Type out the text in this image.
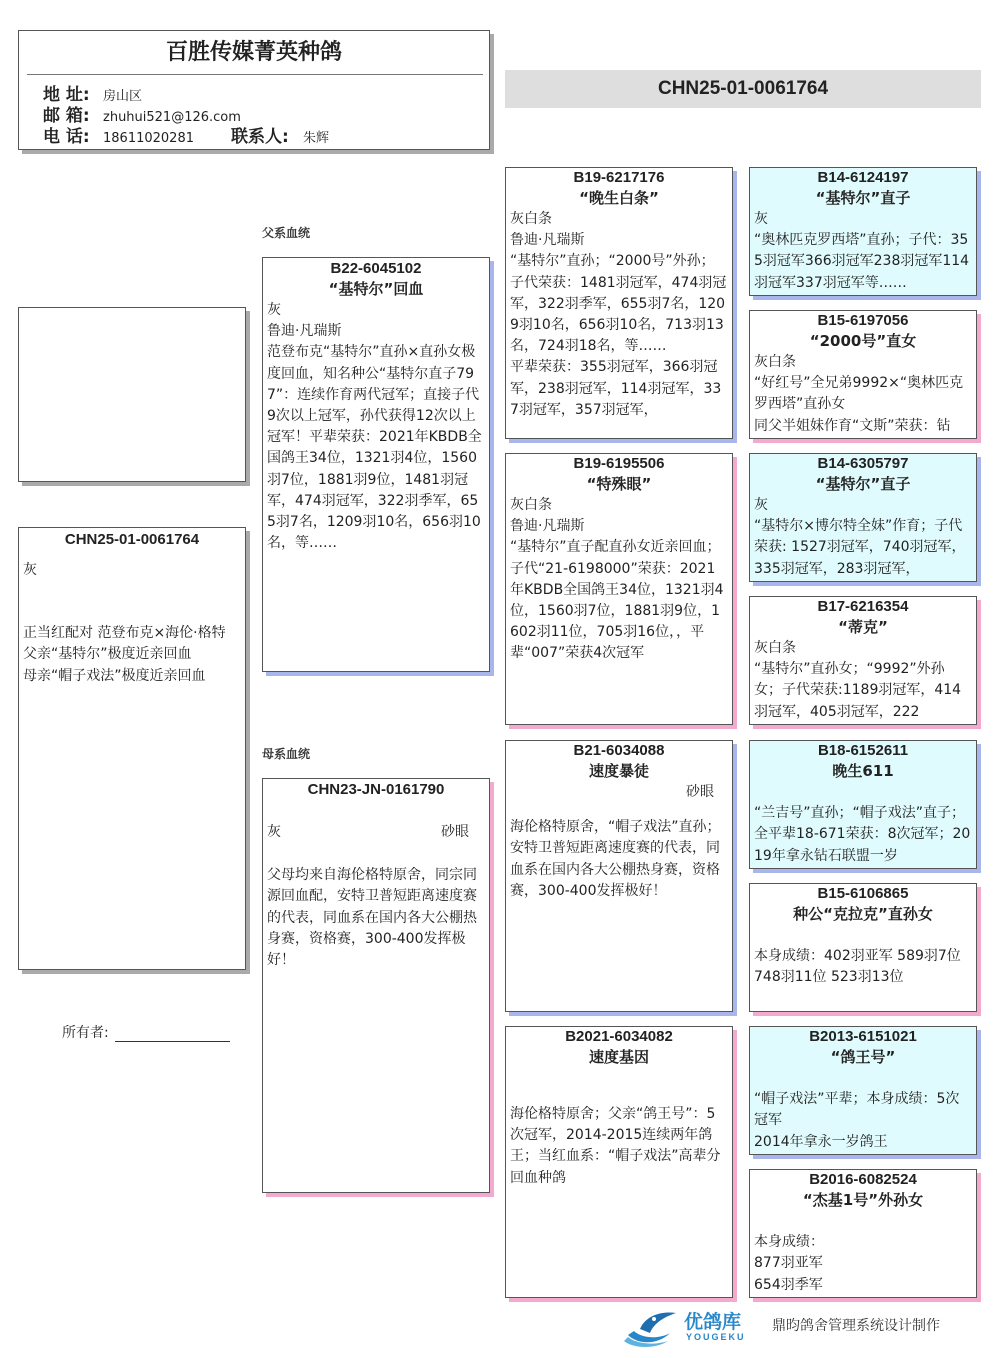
百胜传媒菁英种鸽
地 址: 房山区
邮 箱: zhuhui521@126.com
电 话: 18611020281 联系人: 朱辉
CHN25-01-0061764
父系血统
母系血统
CHN25-01-0061764
灰
正当红配对 范登布克×海伦·格特
父亲“基特尔”极度近亲回血
母亲“帽子戏法”极度近亲回血
所有者:
B22-6045102
“基特尔”回血
灰
鲁迪·凡瑞斯
范登布克“基特尔”直孙×直孙女极度回血，知名种公“基特尔直子797”：连续作育两代冠军；直接子代9次以上冠军，孙代获得12次以上冠军！平辈荣获：2021年KBDB全国鸽王34位，1321羽4位，1560羽7位，1881羽9位，1481羽冠军，474羽冠军，322羽季军，655羽7名，1209羽10名，656羽10名，等……
CHN23-JN-0161790
灰	砂眼
父母均来自海伦格特原舍，同宗同源回血配，安特卫普短距离速度赛的代表，同血系在国内各大公棚热身赛，资格赛，300-400发挥极好！
B19-6217176
“晚生白条”
灰白条
鲁迪·凡瑞斯
“基特尔”直孙；“2000号”外孙；子代荣获：1481羽冠军，474羽冠军，322羽季军，655羽7名，1209羽10名，656羽10名，713羽13名，724羽18名，等……
平辈荣获：355羽冠军，366羽冠军，238羽冠军，114羽冠军，337羽冠军，357羽冠军，
B19-6195506
“特殊眼”
灰白条
鲁迪·凡瑞斯
“基特尔”直子配直孙女近亲回血；子代“21-6198000”荣获：2021年KBDB全国鸽王34位，1321羽4位，1560羽7位，1881羽9位，1602羽11位，705羽16位，，平辈“007”荣获4次冠军
B21-6034088
速度暴徒
砂眼
海伦格特原舍，“帽子戏法”直孙；安特卫普短距离速度赛的代表，同血系在国内各大公棚热身赛，资格赛，300-400发挥极好！
B2021-6034082
速度基因
海伦格特原舍；父亲“鸽王号”：5次冠军，2014-2015连续两年鸽王；当红血系：“帽子戏法”高辈分回血种鸽
B14-6124197
“基特尔”直子
灰
“奥林匹克罗西塔”直孙；子代：355羽冠军366羽冠军238羽冠军114羽冠军337羽冠军等……
B15-6197056
“2000号”直女
灰白条
“好红号”全兄弟9992×“奥林匹克罗西塔”直孙女
同父半姐妹作育“文斯”荣获：钻
B14-6305797
“基特尔”直子
灰
“基特尔×博尔特全妹”作育；子代荣获: 1527羽冠军，740羽冠军，335羽冠军，283羽冠军，
B17-6216354
“蒂克”
灰白条
“基特尔”直孙女；“9992”外孙女；子代荣获:1189羽冠军，414羽冠军，405羽冠军，222
B18-6152611
晚生611

“兰吉号”直孙；“帽子戏法”直子；全平辈18-671荣获：8次冠军；2019年拿永钻石联盟一岁
B15-6106865
种公“克拉克”直孙女

本身成绩：402羽亚军 589羽7位
748羽11位 523羽13位
B2013-6151021
“鸽王号”

“帽子戏法”平辈；本身成绩：5次冠军
2014年拿永一岁鸽王
B2016-6082524
“杰基1号”外孙女

本身成绩：
877羽亚军
654羽季军
优鸽库
YOUGEKU
鼎昀鸽舍管理系统设计制作
